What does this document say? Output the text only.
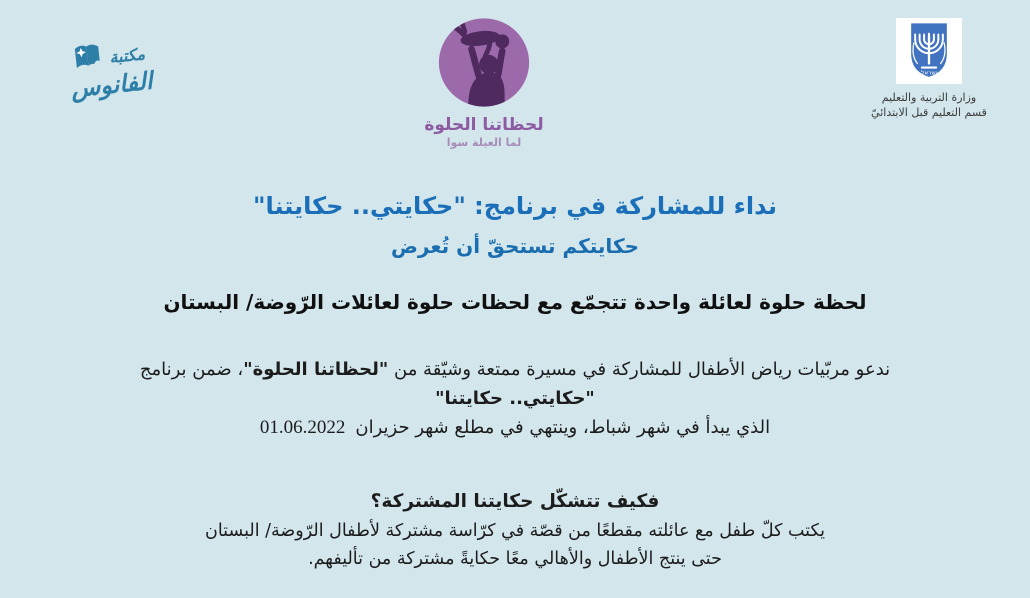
مكتبة
الفانوس
لحظاتنا الحلوة
لما العيلة سوا
ישראל
وزارة التربية والتعليم
قسم التعليم قبل الابتدائيّ
نداء للمشاركة في برنامج: "حكايتي.. حكايتنا"
حكايتكم تستحقّ أن تُعرض
لحظة حلوة لعائلة واحدة تتجمّع مع لحظات حلوة لعائلات الرّوضة/ البستان
ندعو مربّيات رياض الأطفال للمشاركة في مسيرة ممتعة وشيّقة من "لحظاتنا الحلوة"، ضمن برنامج
"حكايتي.. حكايتنا"
الذي يبدأ في شهر شباط، وينتهي في مطلع شهر حزيران01.06.2022
فكيف تتشكّل حكايتنا المشتركة؟
يكتب كلّ طفل مع عائلته مقطعًا من قصّة في كرّاسة مشتركة لأطفال الرّوضة/ البستان
حتى ينتج الأطفال والأهالي معًا حكايةً مشتركة من تأليفهم.
